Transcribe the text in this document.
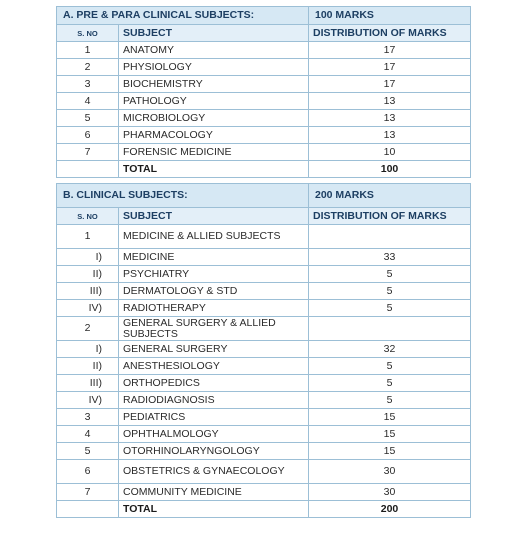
A. PRE & PARA CLINICAL SUBJECTS:		100 MARKS
S. NO	SUBJECT	DISTRIBUTION OF MARKS
1	ANATOMY	17
2	PHYSIOLOGY	17
3	BIOCHEMISTRY	17
4	PATHOLOGY	13
5	MICROBIOLOGY	13
6	PHARMACOLOGY	13
7	FORENSIC MEDICINE	10
	TOTAL	100

B. CLINICAL SUBJECTS:		200 MARKS
S. NO	SUBJECT	DISTRIBUTION OF MARKS
1	MEDICINE & ALLIED SUBJECTS	
I)	MEDICINE	33
II)	PSYCHIATRY	5
III)	DERMATOLOGY & STD	5
IV)	RADIOTHERAPY	5
2	GENERAL SURGERY & ALLIED SUBJECTS	
I)	GENERAL SURGERY	32
II)	ANESTHESIOLOGY	5
III)	ORTHOPEDICS	5
IV)	RADIODIAGNOSIS	5
3	PEDIATRICS	15
4	OPHTHALMOLOGY	15
5	OTORHINOLARYNGOLOGY	15
6	OBSTETRICS & GYNAECOLOGY	30
7	COMMUNITY MEDICINE	30
	TOTAL	200
